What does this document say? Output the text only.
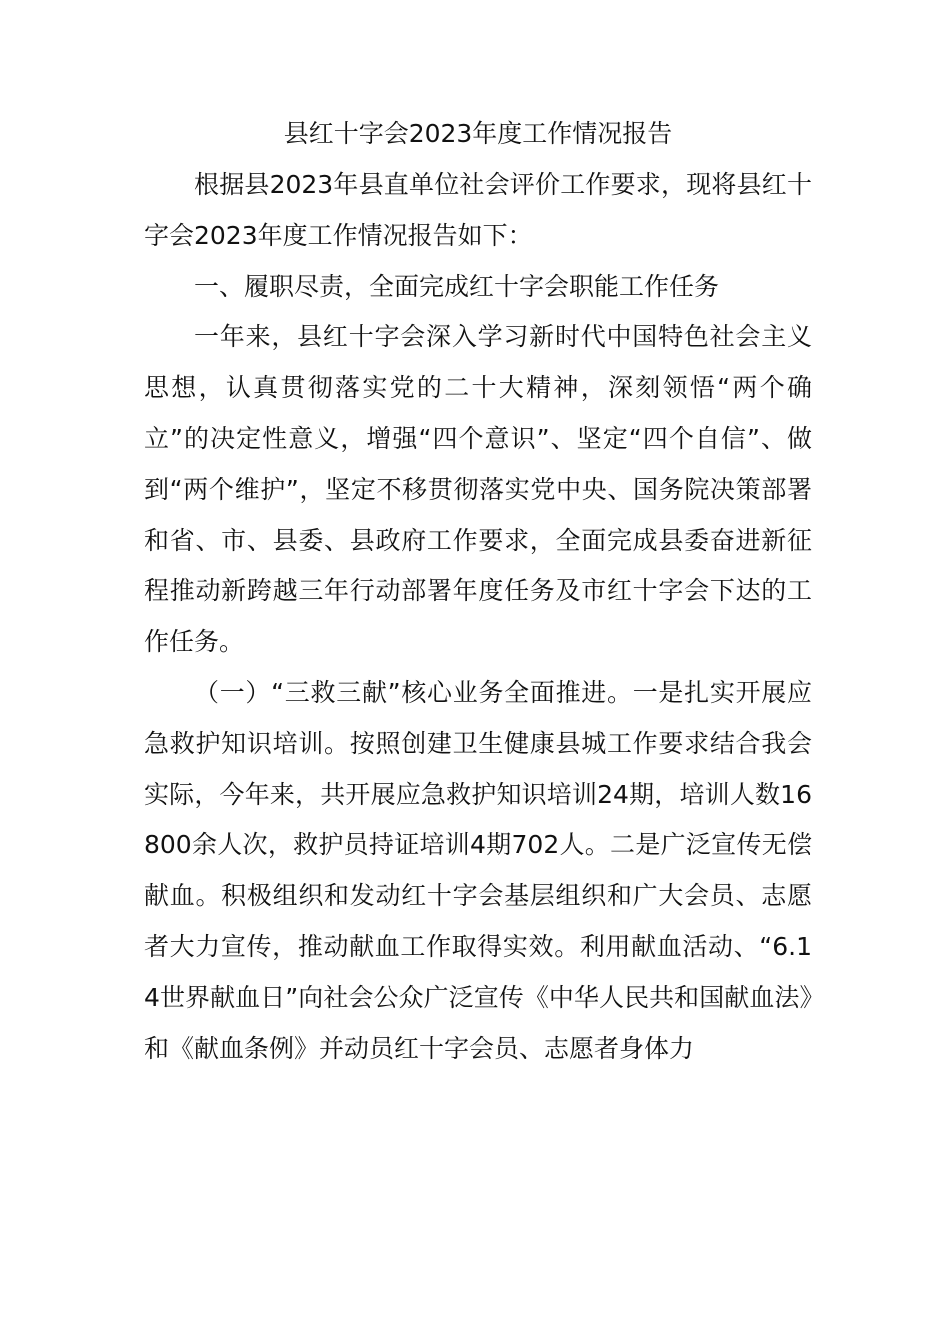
县红十字会2023年度工作情况报告

根据县2023年县直单位社会评价工作要求，现将县红十字会2023年度工作情况报告如下：

一、履职尽责，全面完成红十字会职能工作任务

一年来，县红十字会深入学习新时代中国特色社会主义思想，认真贯彻落实党的二十大精神，深刻领悟“两个确立”的决定性意义，增强“四个意识”、坚定“四个自信”、做到“两个维护”，坚定不移贯彻落实党中央、国务院决策部署和省、市、县委、县政府工作要求，全面完成县委奋进新征程推动新跨越三年行动部署年度任务及市红十字会下达的工作任务。

（一）“三救三献”核心业务全面推进。一是扎实开展应急救护知识培训。按照创建卫生健康县城工作要求结合我会实际，今年来，共开展应急救护知识培训24期，培训人数16800余人次，救护员持证培训4期702人。二是广泛宣传无偿献血。积极组织和发动红十字会基层组织和广大会员、志愿者大力宣传，推动献血工作取得实效。利用献血活动、“6.14世界献血日”向社会公众广泛宣传《中华人民共和国献血法》和《献血条例》并动员红十字会员、志愿者身体力
